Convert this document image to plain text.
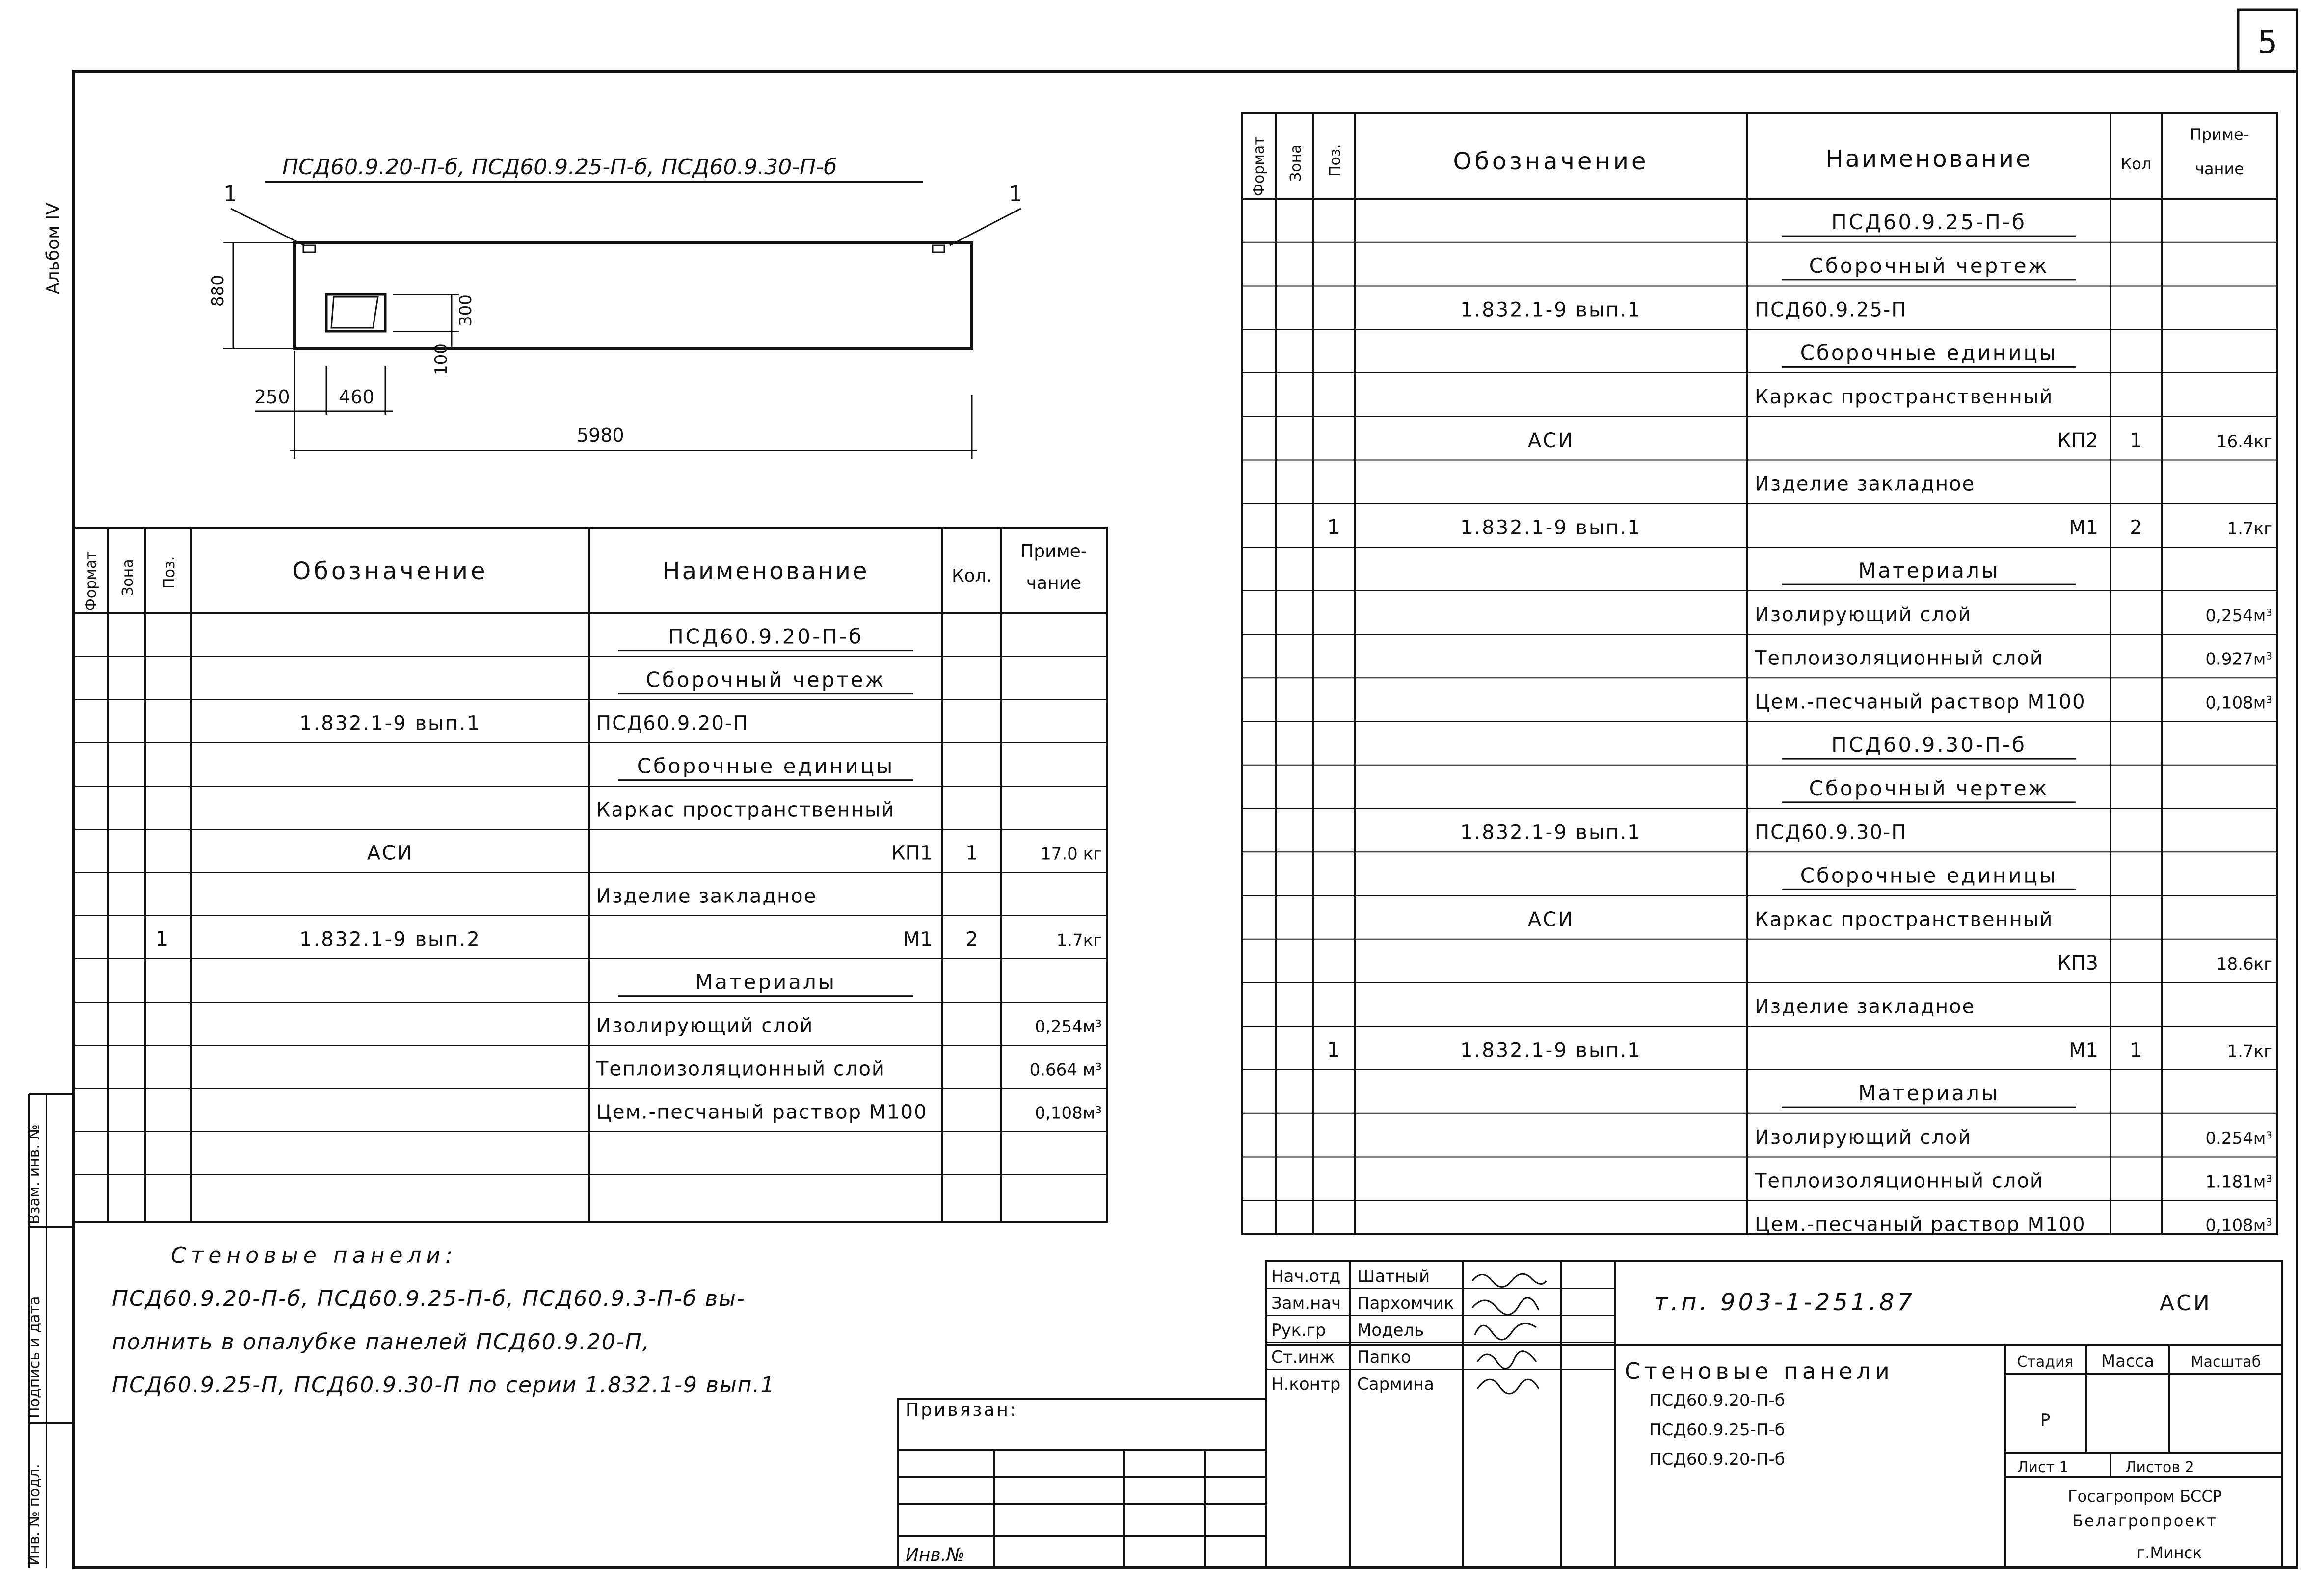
5
Альбом IV
Взам. инв. №
Подпись и дата
Инв. № подл.
ПСД60.9.20-П-б, ПСД60.9.25-П-б, ПСД60.9.30-П-б
1	1
880
300
100
250	460
5980
Формат Зона Поз.	Обозначение	Наименование	Кол.
Приме-
чание
ПСД60.9.20-П-б
Сборочный чертеж
1.832.1-9 вып.1	ПСД60.9.20-П
Сборочные единицы
Каркас пространственный
АСИ	КП1 1	17.0 кг
Изделие закладное
1	1.832.1-9 вып.2	М1 2	1.7кг
Материалы
Изолирующий слой	0,254м³
Теплоизоляционный слой	0.664 м³
Цем.-песчаный раствор М100	0,108м³
Формат Зона Поз.	Обозначение	Наименование	Кол
Приме-
чание
ПСД60.9.25-П-б
Сборочный чертеж
1.832.1-9 вып.1	ПСД60.9.25-П
Сборочные единицы
Каркас пространственный
АСИ	КП2 1	16.4кг
Изделие закладное
1	1.832.1-9 вып.1	М1 2	1.7кг
Материалы
Изолирующий слой	0,254м³
Теплоизоляционный слой	0.927м³
Цем.-песчаный раствор М100	0,108м³
ПСД60.9.30-П-б
Сборочный чертеж
1.832.1-9 вып.1	ПСД60.9.30-П
Сборочные единицы
АСИ	Каркас пространственный
КП3	18.6кг
Изделие закладное
1	1.832.1-9 вып.1	М1 1	1.7кг
Материалы
Изолирующий слой	0.254м³
Теплоизоляционный слой	1.181м³
Цем.-песчаный раствор М100	0,108м³
Привязан:
Инв.№
Нач.отд Шатный
Зам.нач Пархомчик
Рук.гр Модель
Ст.инж Папко
Н.контр Сармина
т.п. 903-1-251.87	АСИ
Стеновые панели
ПСД60.9.20-П-б
ПСД60.9.25-П-б
ПСД60.9.20-П-б
Стадия Масса Масштаб
Р
Лист 1	Листов 2
Госагропром БССР
Белагропроект
г.Минск
Стеновые панели:
ПСД60.9.20-П-б, ПСД60.9.25-П-б, ПСД60.9.3-П-б вы-
полнить в опалубке панелей ПСД60.9.20-П,
ПСД60.9.25-П, ПСД60.9.30-П по серии 1.832.1-9 вып.1
